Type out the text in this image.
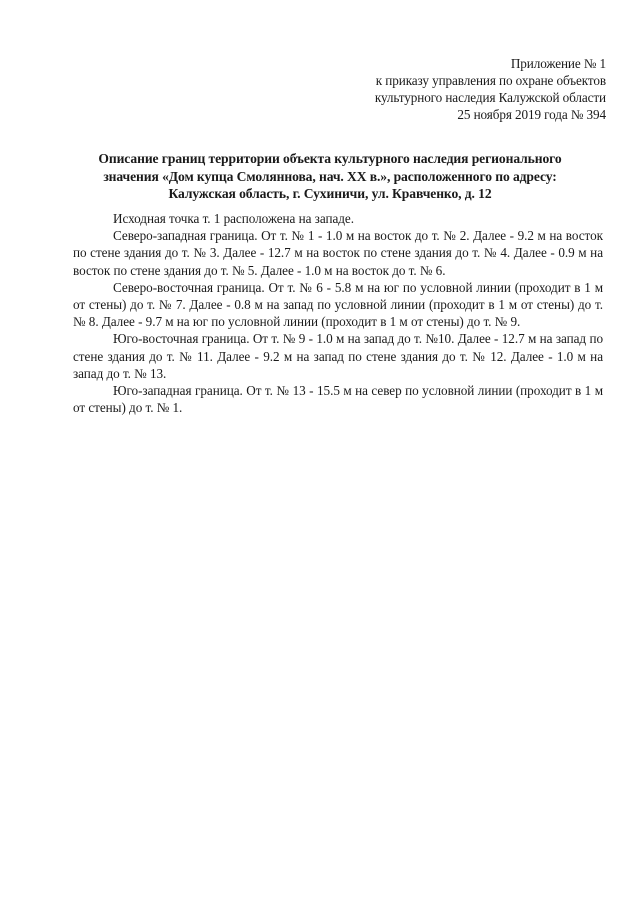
Приложение № 1
к приказу управления по охране объектов
культурного наследия Калужской области
25 ноября 2019 года № 394
Описание границ территории объекта культурного наследия регионального
значения «Дом купца Смоляннова, нач. XX в.», расположенного по адресу:
Калужская область, г. Сухиничи, ул. Кравченко, д. 12

Исходная точка т. 1 расположена на западе.

Северо-западная граница. От т. № 1 - 1.0 м на восток до т. № 2. Далее - 9.2 м на восток по стене здания до т. № 3. Далее - 12.7 м на восток по стене здания до т. № 4. Далее - 0.9 м на восток по стене здания до т. № 5. Далее - 1.0 м на восток до т. № 6.

Северо-восточная граница. От т. № 6 - 5.8 м на юг по условной линии (проходит в 1 м от стены) до т. № 7. Далее - 0.8 м на запад по условной линии (проходит в 1 м от стены) до т. № 8. Далее - 9.7 м на юг по условной линии (проходит в 1 м от стены) до т. № 9.

Юго-восточная граница. От т. № 9 - 1.0 м на запад до т. №10. Далее - 12.7 м на запад по стене здания до т. № 11. Далее - 9.2 м на запад по стене здания до т. № 12. Далее - 1.0 м на запад до т. № 13.

Юго-западная граница. От т. № 13 - 15.5 м на север по условной линии (проходит в 1 м от стены) до т. № 1.
